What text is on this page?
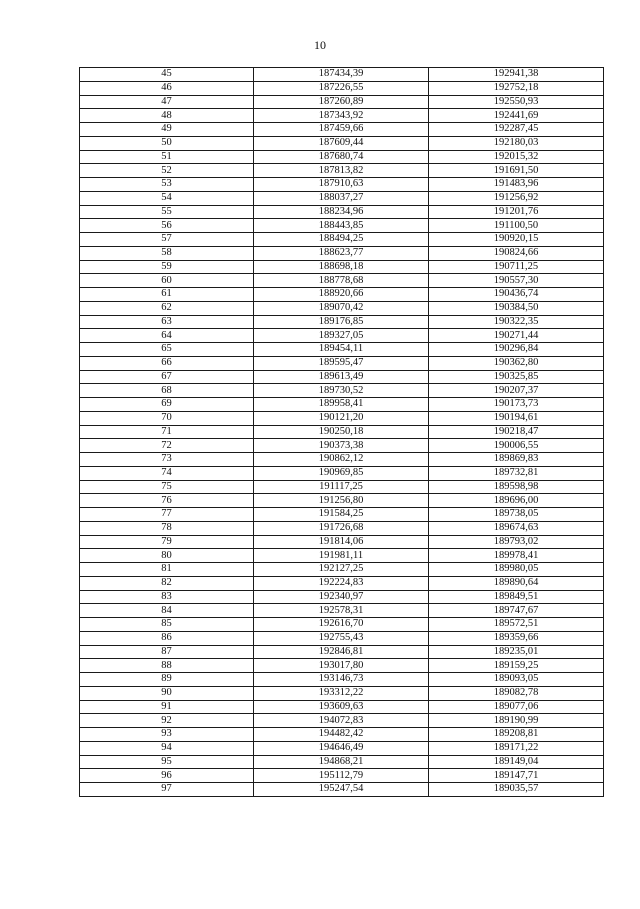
10
45	187434,39	192941,38
46	187226,55	192752,18
47	187260,89	192550,93
48	187343,92	192441,69
49	187459,66	192287,45
50	187609,44	192180,03
51	187680,74	192015,32
52	187813,82	191691,50
53	187910,63	191483,96
54	188037,27	191256,92
55	188234,96	191201,76
56	188443,85	191100,50
57	188494,25	190920,15
58	188623,77	190824,66
59	188698,18	190711,25
60	188778,68	190557,30
61	188920,66	190436,74
62	189070,42	190384,50
63	189176,85	190322,35
64	189327,05	190271,44
65	189454,11	190296,84
66	189595,47	190362,80
67	189613,49	190325,85
68	189730,52	190207,37
69	189958,41	190173,73
70	190121,20	190194,61
71	190250,18	190218,47
72	190373,38	190006,55
73	190862,12	189869,83
74	190969,85	189732,81
75	191117,25	189598,98
76	191256,80	189696,00
77	191584,25	189738,05
78	191726,68	189674,63
79	191814,06	189793,02
80	191981,11	189978,41
81	192127,25	189980,05
82	192224,83	189890,64
83	192340,97	189849,51
84	192578,31	189747,67
85	192616,70	189572,51
86	192755,43	189359,66
87	192846,81	189235,01
88	193017,80	189159,25
89	193146,73	189093,05
90	193312,22	189082,78
91	193609,63	189077,06
92	194072,83	189190,99
93	194482,42	189208,81
94	194646,49	189171,22
95	194868,21	189149,04
96	195112,79	189147,71
97	195247,54	189035,57
